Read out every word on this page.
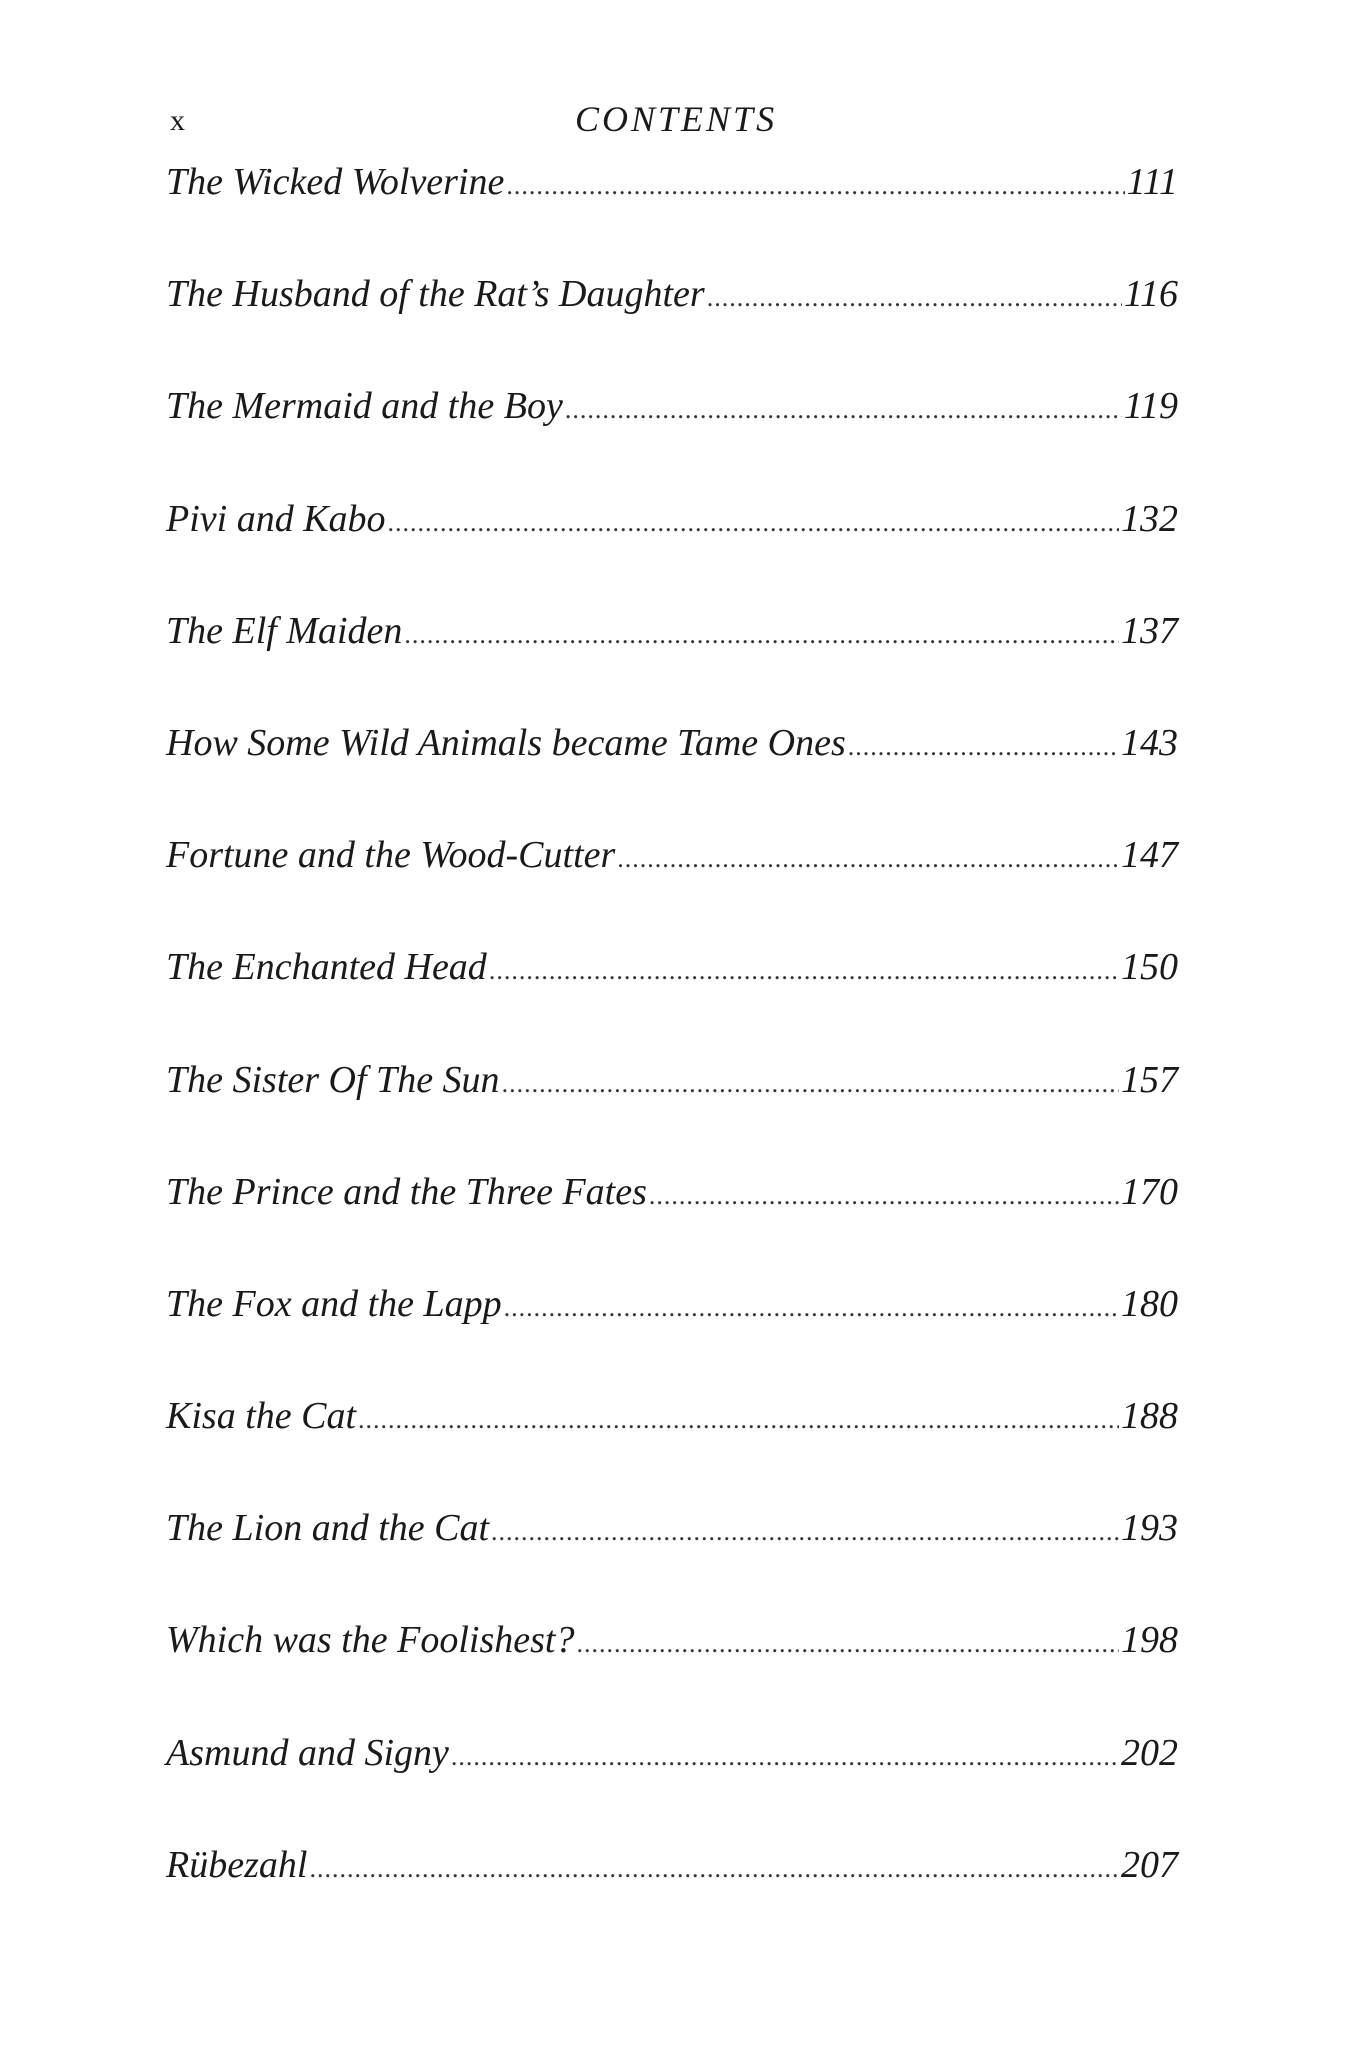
x	CONTENTS
The Wicked Wolverine .....	111
The Husband of the Rat’s Daughter .....	116
The Mermaid and the Boy .....	119
Pivi and Kabo .....	132
The Elf Maiden .....	137
How Some Wild Animals became Tame Ones .....	143
Fortune and the Wood-Cutter .....	147
The Enchanted Head .....	150
The Sister Of The Sun .....	157
The Prince and the Three Fates .....	170
The Fox and the Lapp .....	180
Kisa the Cat .....	188
The Lion and the Cat .....	193
Which was the Foolishest? .....	198
Asmund and Signy .....	202
Rübezahl .....	207
